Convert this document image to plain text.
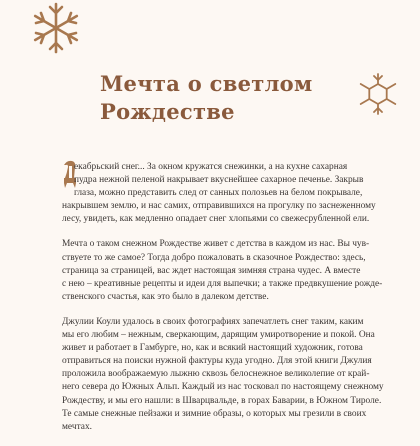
Мечта о светлом
Рождестве

екабрьский снег... За окном кружатся снежинки, а на кухне сахарная
пудра нежной пеленой накрывает вкуснейшее сахарное печенье. Закрыв
глаза, можно представить след от санных полозьев на белом покрывале,
накрывшем землю, и нас самих, отправившихся на прогулку по заснеженному
лесу, увидеть, как медленно опадает снег хлопьями со свежесрубленной ели.

Мечта о таком снежном Рождестве живет с детства в каждом из нас. Вы чув-
ствуете то же самое? Тогда добро пожаловать в сказочное Рождество: здесь,
страница за страницей, вас ждет настоящая зимняя страна чудес. А вместе
с нею – креативные рецепты и идеи для выпечки; а также предвкушение рожде-
ственского счастья, как это было в далеком детстве.

Джулии Коули удалось в своих фотографиях запечатлеть снег таким, каким
мы его любим – нежным, сверкающим, дарящим умиротворение и покой. Она
живет и работает в Гамбурге, но, как и всякий настоящий художник, готова
отправиться на поиски нужной фактуры куда угодно. Для этой книги Джулия
проложила воображаемую лыжню сквозь белоснежное великолепие от край-
него севера до Южных Альп. Каждый из нас тосковал по настоящему снежному
Рождеству, и мы его нашли: в Шварцвальде, в горах Баварии, в Южном Тироле.
Те самые снежные пейзажи и зимние образы, о которых мы грезили в своих
мечтах.
